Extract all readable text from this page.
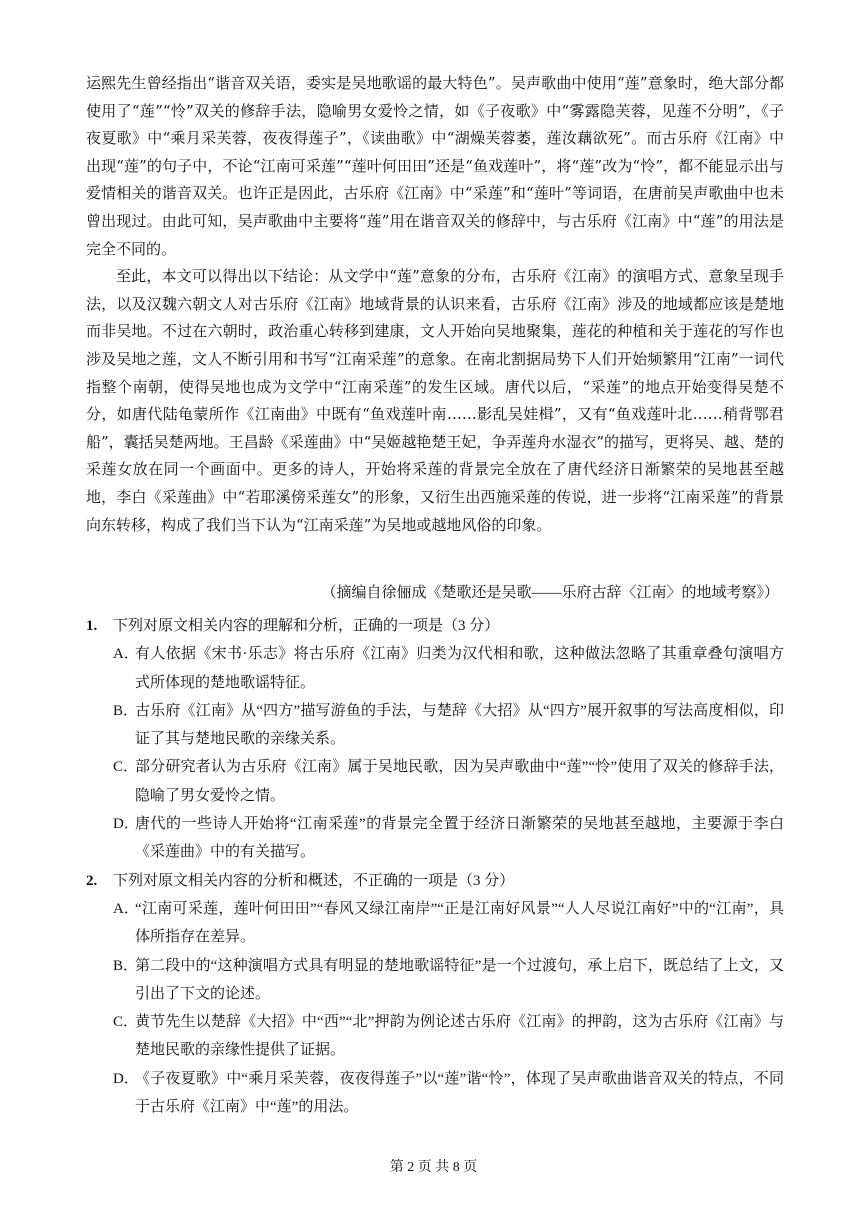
运熙先生曾经指出“谐音双关语，委实是吴地歌谣的最大特色”。吴声歌曲中使用“莲”意象时，绝大部分都使用了“莲”“怜”双关的修辞手法，隐喻男女爱怜之情，如《子夜歌》中“雾露隐芙蓉，见莲不分明”，《子夜夏歌》中“乘月采芙蓉，夜夜得莲子”，《读曲歌》中“湖燥芙蓉萎，莲汝藕欲死”。而古乐府《江南》中出现“莲”的句子中，不论“江南可采莲”“莲叶何田田”还是“鱼戏莲叶”，将“莲”改为“怜”，都不能显示出与爱情相关的谐音双关。也许正是因此，古乐府《江南》中“采莲”和“莲叶”等词语，在唐前吴声歌曲中也未曾出现过。由此可知，吴声歌曲中主要将“莲”用在谐音双关的修辞中，与古乐府《江南》中“莲”的用法是完全不同的。

至此，本文可以得出以下结论：从文学中“莲”意象的分布，古乐府《江南》的演唱方式、意象呈现手法，以及汉魏六朝文人对古乐府《江南》地域背景的认识来看，古乐府《江南》涉及的地域都应该是楚地而非吴地。不过在六朝时，政治重心转移到建康，文人开始向吴地聚集，莲花的种植和关于莲花的写作也涉及吴地之莲，文人不断引用和书写“江南采莲”的意象。在南北割据局势下人们开始频繁用“江南”一词代指整个南朝，使得吴地也成为文学中“江南采莲”的发生区域。唐代以后，“采莲”的地点开始变得吴楚不分，如唐代陆龟蒙所作《江南曲》中既有“鱼戏莲叶南……影乱吴娃楫”，又有“鱼戏莲叶北……稍背鄂君船”，囊括吴楚两地。王昌龄《采莲曲》中“吴姬越艳楚王妃，争弄莲舟水湿衣”的描写，更将吴、越、楚的采莲女放在同一个画面中。更多的诗人，开始将采莲的背景完全放在了唐代经济日渐繁荣的吴地甚至越地，李白《采莲曲》中“若耶溪傍采莲女”的形象，又衍生出西施采莲的传说，进一步将“江南采莲”的背景向东转移，构成了我们当下认为“江南采莲”为吴地或越地风俗的印象。

（摘编自徐俪成《楚歌还是吴歌——乐府古辞〈江南〉的地域考察》）
1.	下列对原文相关内容的理解和分析，正确的一项是（3 分）
A．
有人依据《宋书·乐志》将古乐府《江南》归类为汉代相和歌，这种做法忽略了其重章叠句演唱方式所体现的楚地歌谣特征。
B．
古乐府《江南》从“四方”描写游鱼的手法，与楚辞《大招》从“四方”展开叙事的写法高度相似，印证了其与楚地民歌的亲缘关系。
C．
部分研究者认为古乐府《江南》属于吴地民歌，因为吴声歌曲中“莲”“怜”使用了双关的修辞手法，隐喻了男女爱怜之情。
D．
唐代的一些诗人开始将“江南采莲”的背景完全置于经济日渐繁荣的吴地甚至越地，主要源于李白《采莲曲》中的有关描写。
2.	下列对原文相关内容的分析和概述，不正确的一项是（3 分）
A．
“江南可采莲，莲叶何田田”“春风又绿江南岸”“正是江南好风景”“人人尽说江南好”中的“江南”，具体所指存在差异。
B．
第二段中的“这种演唱方式具有明显的楚地歌谣特征”是一个过渡句，承上启下，既总结了上文，又引出了下文的论述。
C．
黄节先生以楚辞《大招》中“西”“北”押韵为例论述古乐府《江南》的押韵，这为古乐府《江南》与楚地民歌的亲缘性提供了证据。
D．
《子夜夏歌》中“乘月采芙蓉，夜夜得莲子”以“莲”谐“怜”，体现了吴声歌曲谐音双关的特点，不同于古乐府《江南》中“莲”的用法。
第 2 页 共 8 页
